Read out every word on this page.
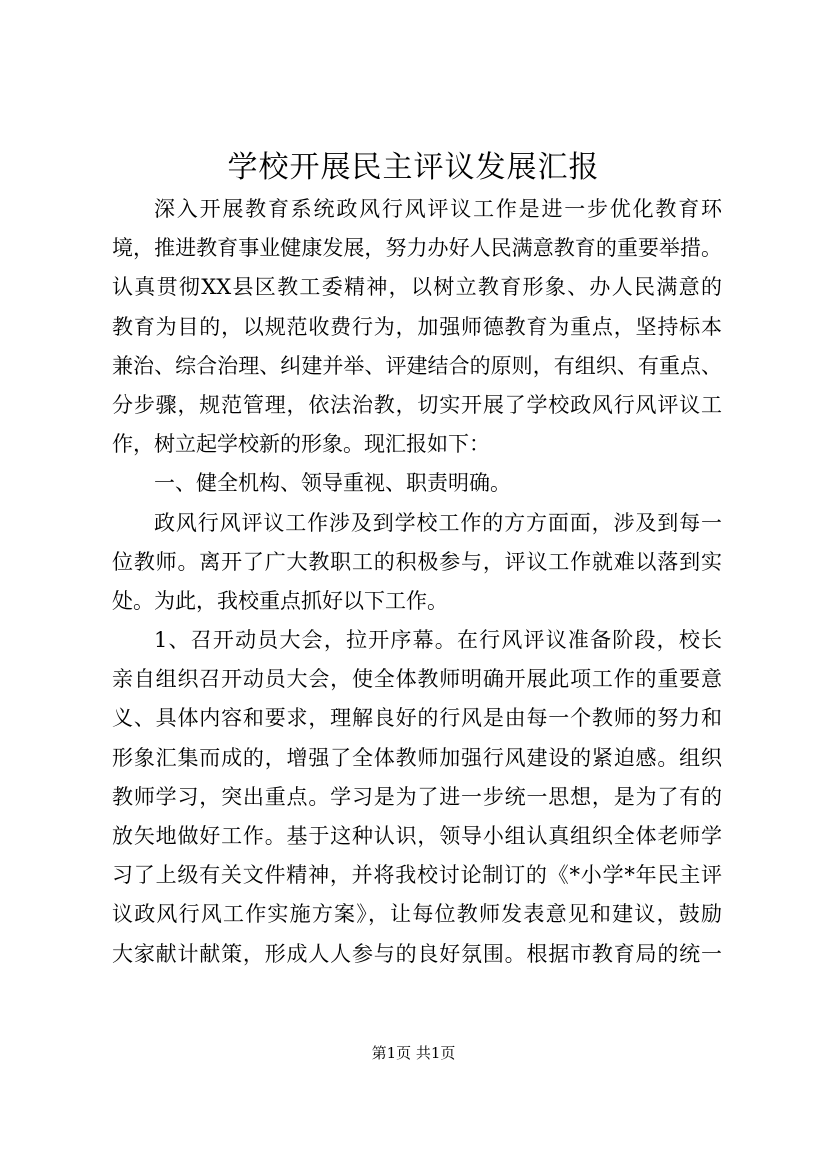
学校开展民主评议发展汇报
深入开展教育系统政风行风评议工作是进一步优化教育环
境，推进教育事业健康发展，努力办好人民满意教育的重要举措。
认真贯彻XX县区教工委精神，以树立教育形象、办人民满意的
教育为目的，以规范收费行为，加强师德教育为重点，坚持标本
兼治、综合治理、纠建并举、评建结合的原则，有组织、有重点、
分步骤，规范管理，依法治教，切实开展了学校政风行风评议工
作，树立起学校新的形象。现汇报如下：
一、健全机构、领导重视、职责明确。
政风行风评议工作涉及到学校工作的方方面面，涉及到每一
位教师。离开了广大教职工的积极参与，评议工作就难以落到实
处。为此，我校重点抓好以下工作。
1、召开动员大会，拉开序幕。在行风评议准备阶段，校长
亲自组织召开动员大会，使全体教师明确开展此项工作的重要意
义、具体内容和要求，理解良好的行风是由每一个教师的努力和
形象汇集而成的，增强了全体教师加强行风建设的紧迫感。组织
教师学习，突出重点。学习是为了进一步统一思想，是为了有的
放矢地做好工作。基于这种认识，领导小组认真组织全体老师学
习了上级有关文件精神，并将我校讨论制订的《*小学*年民主评
议政风行风工作实施方案》，让每位教师发表意见和建议，鼓励
大家献计献策，形成人人参与的良好氛围。根据市教育局的统一
第1页 共1页
